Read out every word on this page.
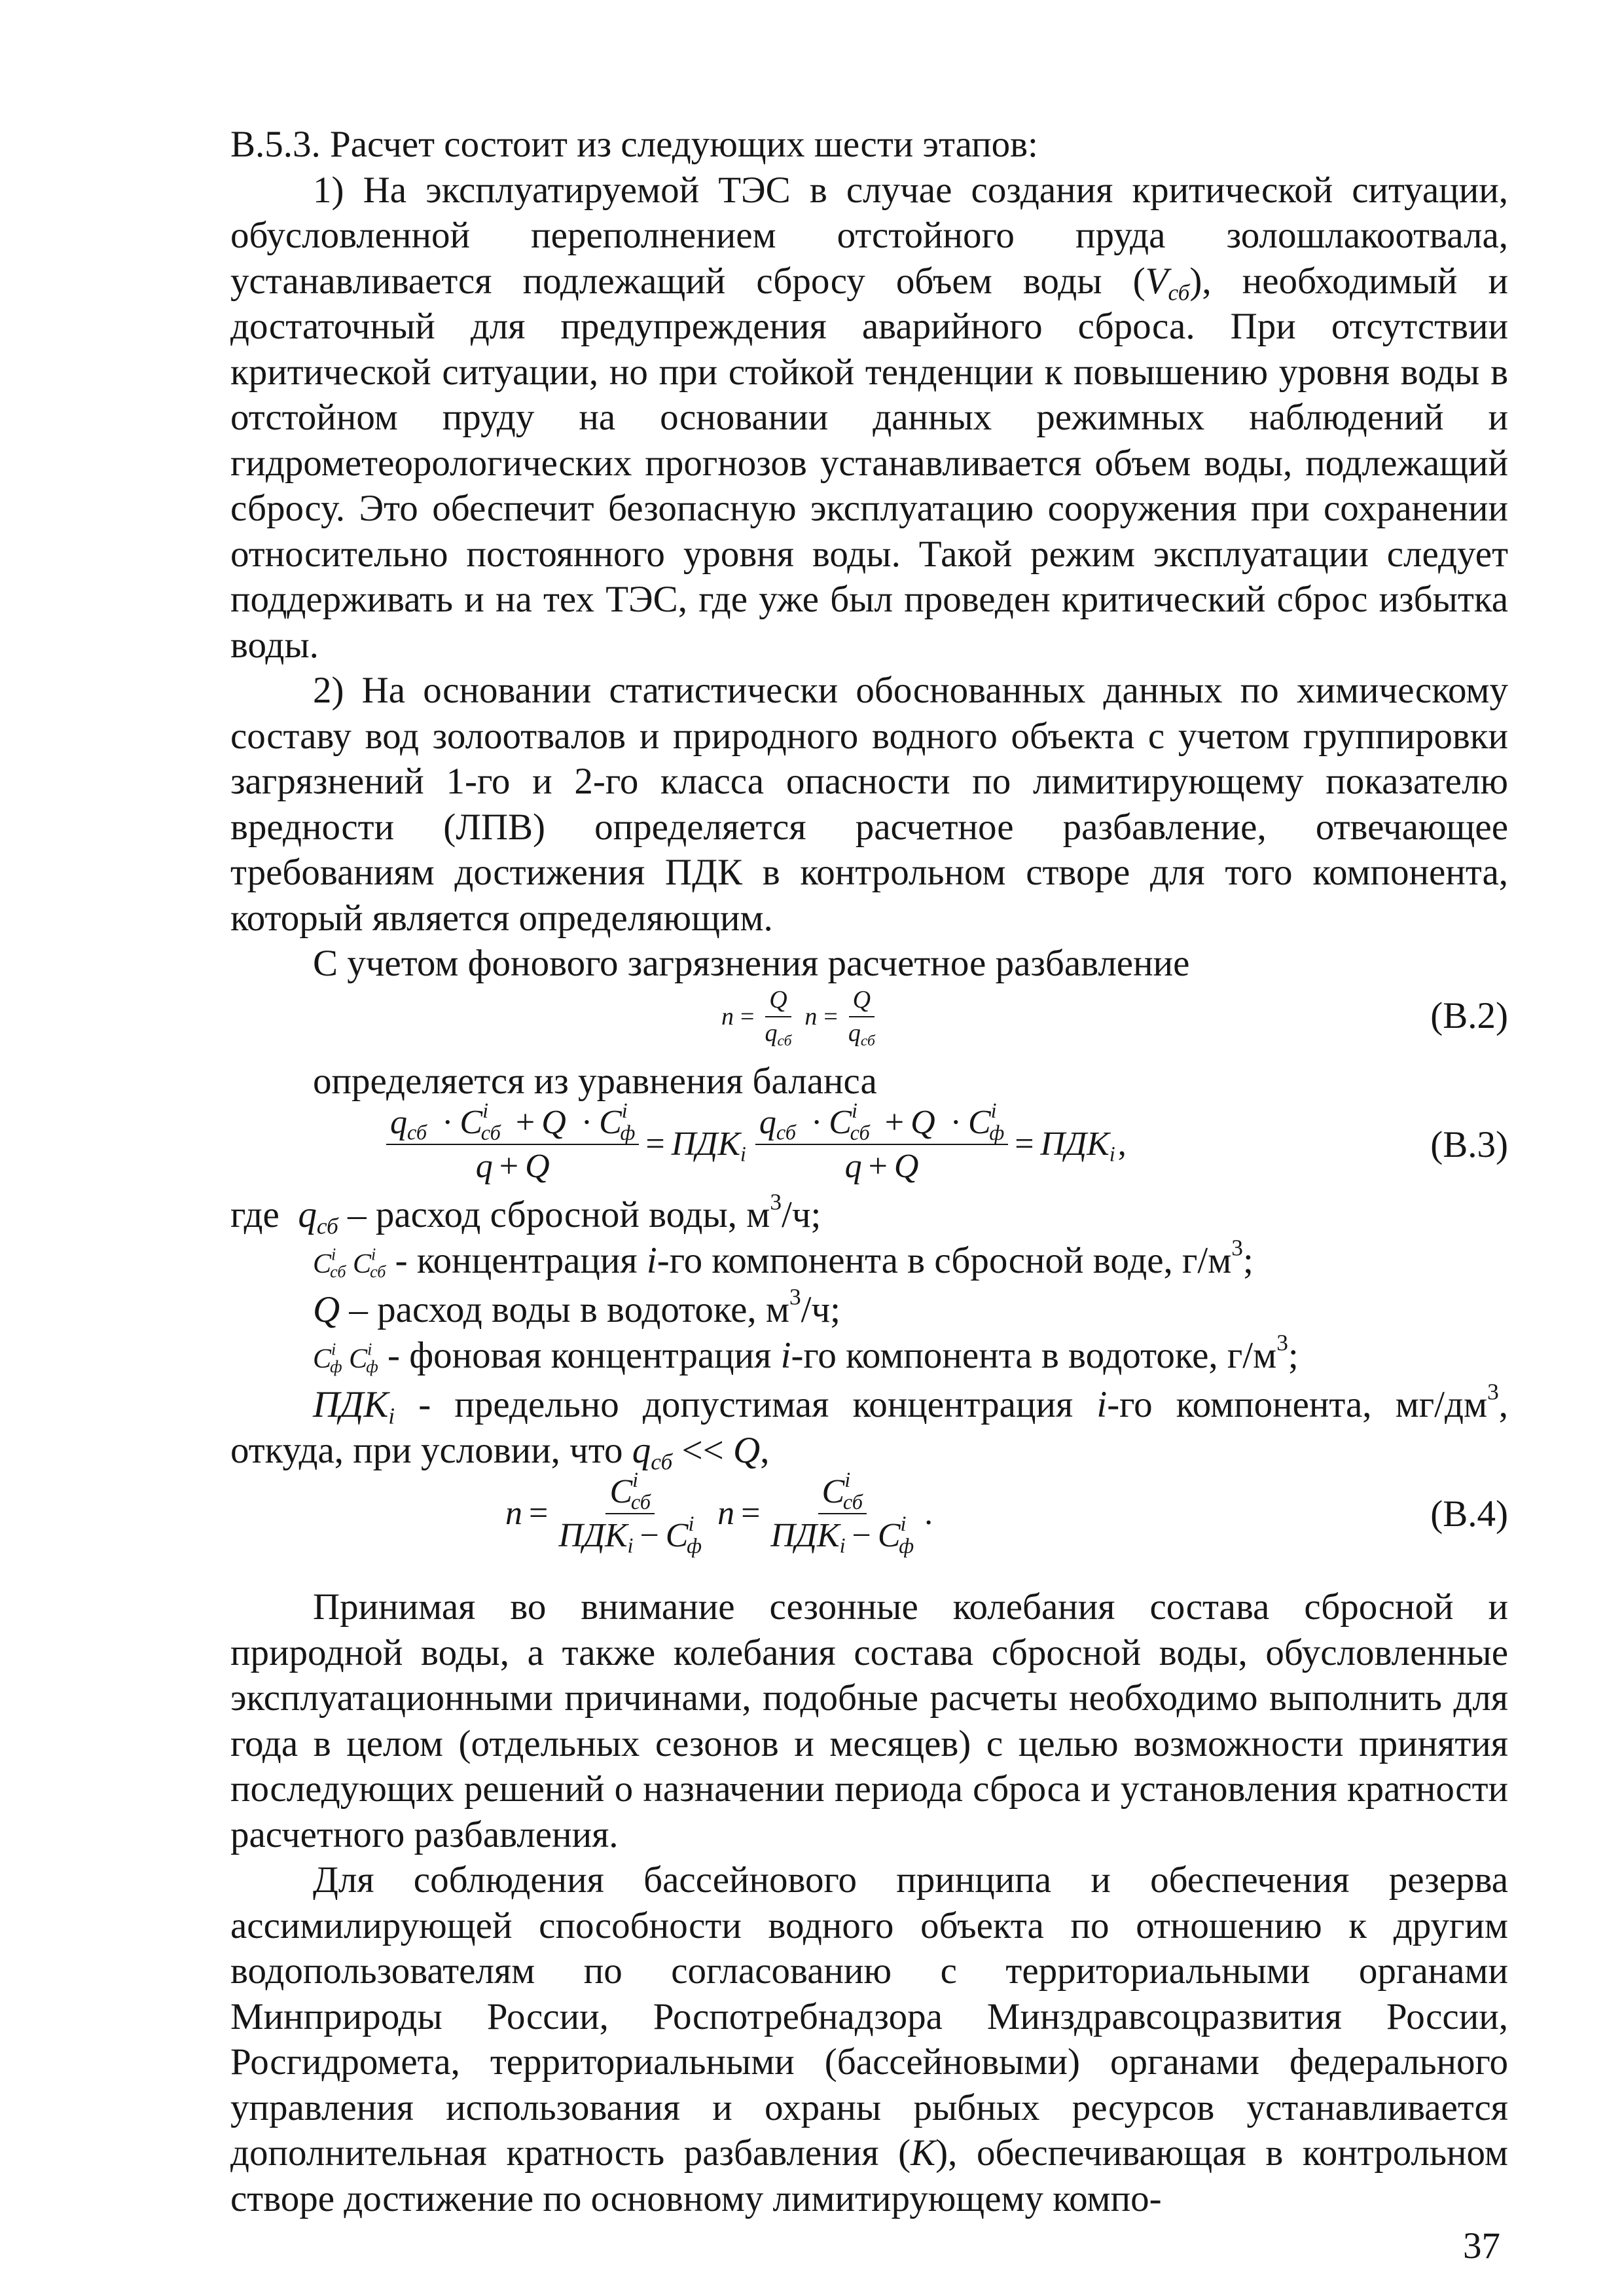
В.5.3. Расчет состоит из следующих шести этапов:

1) На эксплуатируемой ТЭС в случае создания критической ситуации, обусловленной переполнением отстойного пруда золошлакоотвала, устанавливается подлежащий сбросу объем воды $(V_{сб})$, необходимый и достаточный для предупреждения аварийного сброса. При отсутствии критической ситуации, но при стойкой тенденции к повышению уровня воды в отстойном пруду на основании данных режимных наблюдений и гидрометеорологических прогнозов устанавливается объем воды, подлежащий сбросу. Это обеспечит безопасную эксплуатацию сооружения при сохранении относительно постоянного уровня воды. Такой режим эксплуатации следует поддерживать и на тех ТЭС, где уже был проведен критический сброс избытка воды.

2) На основании статистически обоснованных данных по химическому составу вод золоотвалов и природного водного объекта с учетом группировки загрязнений 1-го и 2-го класса опасности по лимитирующему показателю вредности (ЛПВ) определяется расчетное разбавление, отвечающее требованиям достижения ПДК в контрольном створе для того компонента, который является определяющим.

С учетом фонового загрязнения расчетное разбавление

$n = \frac{Q}{q_{сб}}$ $n = \frac{Q}{q_{сб}}$	(В.2)

определяется из уравнения баланса

$\frac{q_{сб} \cdot C^i_{сб} + Q \cdot C^i_ф}{q + Q} = ПДК_i \frac{q_{сб} \cdot C^i_{сб} + Q \cdot C^i_ф}{q + Q} = ПДК_i$ ,	(В.3)

где $q_{сб}$ – расход сбросной воды, $м^3/ч$;

$C^i_{сб}$ $C^i_{сб}$ - концентрация i-го компонента в сбросной воде, $г/м^3$;

Q – расход воды в водотоке, $м^3/ч$;

$C^i_ф$ $C^i_ф$ - фоновая концентрация i-го компонента в водотоке, $г/м^3$;

$ПДК_i$ - предельно допустимая концентрация i-го компонента, $мг/дм^3$, откуда, при условии, что $q_{сб} << Q$,

$n = \frac{C^i_{сб}}{ПДК_i - C^i_ф}$ $n = \frac{C^i_{сб}}{ПДК_i - C^i_ф}$ .	(В.4)

Принимая во внимание сезонные колебания состава сбросной и природной воды, а также колебания состава сбросной воды, обусловленные эксплуатационными причинами, подобные расчеты необходимо выполнить для года в целом (отдельных сезонов и месяцев) с целью возможности принятия последующих решений о назначении периода сброса и установления кратности расчетного разбавления.

Для соблюдения бассейнового принципа и обеспечения резерва ассимилирующей способности водного объекта по отношению к другим водопользователям по согласованию с территориальными органами Минприроды России, Роспотребнадзора Минздравсоцразвития России, Росгидромета, территориальными (бассейновыми) органами федерального управления использования и охраны рыбных ресурсов устанавливается дополнительная кратность разбавления (K), обеспечивающая в контрольном створе достижение по основному лимитирующему компо-

37
